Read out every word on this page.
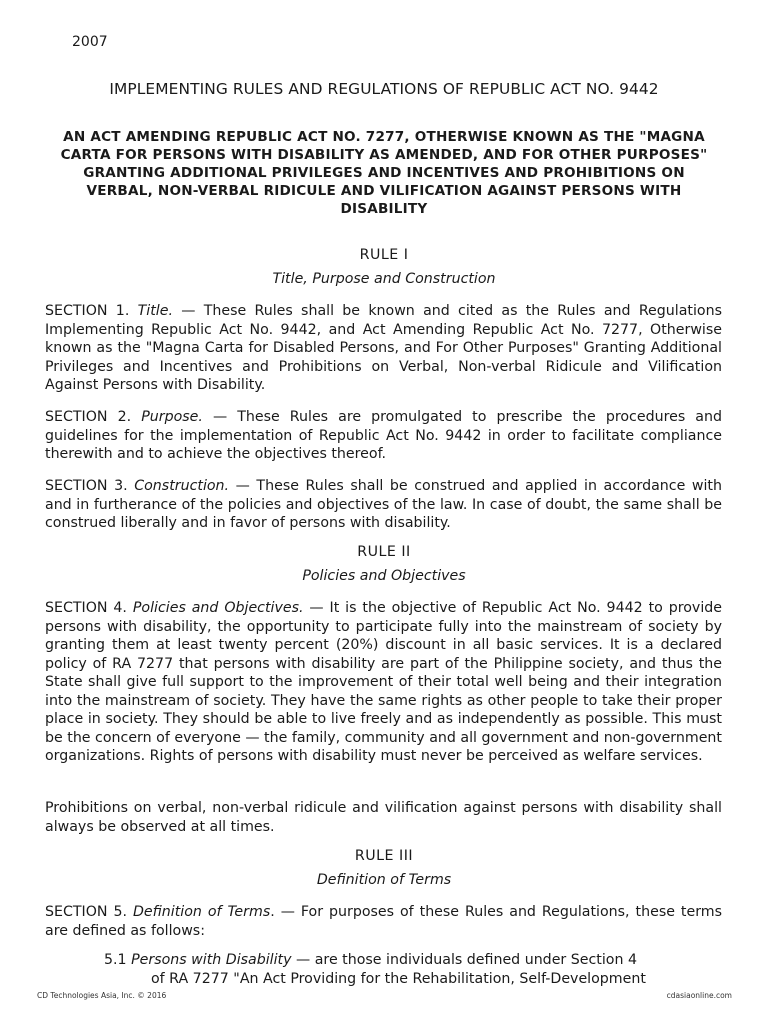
2007
IMPLEMENTING RULES AND REGULATIONS OF REPUBLIC ACT NO. 9442
AN ACT AMENDING REPUBLIC ACT NO. 7277, OTHERWISE KNOWN AS THE "MAGNA CARTA FOR PERSONS WITH DISABILITY AS AMENDED, AND FOR OTHER PURPOSES" GRANTING ADDITIONAL PRIVILEGES AND INCENTIVES AND PROHIBITIONS ON VERBAL, NON-VERBAL RIDICULE AND VILIFICATION AGAINST PERSONS WITH DISABILITY
RULE I
Title, Purpose and Construction
SECTION 1. Title. — These Rules shall be known and cited as the Rules and Regulations Implementing Republic Act No. 9442, and Act Amending Republic Act No. 7277, Otherwise known as the "Magna Carta for Disabled Persons, and For Other Purposes" Granting Additional Privileges and Incentives and Prohibitions on Verbal, Non-verbal Ridicule and Vilification Against Persons with Disability.
SECTION 2. Purpose. — These Rules are promulgated to prescribe the procedures and guidelines for the implementation of Republic Act No. 9442 in order to facilitate compliance therewith and to achieve the objectives thereof.
SECTION 3. Construction. — These Rules shall be construed and applied in accordance with and in furtherance of the policies and objectives of the law. In case of doubt, the same shall be construed liberally and in favor of persons with disability.
RULE II
Policies and Objectives
SECTION 4. Policies and Objectives. — It is the objective of Republic Act No. 9442 to provide persons with disability, the opportunity to participate fully into the mainstream of society by granting them at least twenty percent (20%) discount in all basic services. It is a declared policy of RA 7277 that persons with disability are part of the Philippine society, and thus the State shall give full support to the improvement of their total well being and their integration into the mainstream of society. They have the same rights as other people to take their proper place in society. They should be able to live freely and as independently as possible. This must be the concern of everyone — the family, community and all government and non-government organizations. Rights of persons with disability must never be perceived as welfare services.
Prohibitions on verbal, non-verbal ridicule and vilification against persons with disability shall always be observed at all times.
RULE III
Definition of Terms
SECTION 5. Definition of Terms. — For purposes of these Rules and Regulations, these terms are defined as follows:
5.1 Persons with Disability — are those individuals defined under Section 4
of RA 7277 "An Act Providing for the Rehabilitation, Self-Development
CD Technologies Asia, Inc. © 2016	cdasiaonline.com
